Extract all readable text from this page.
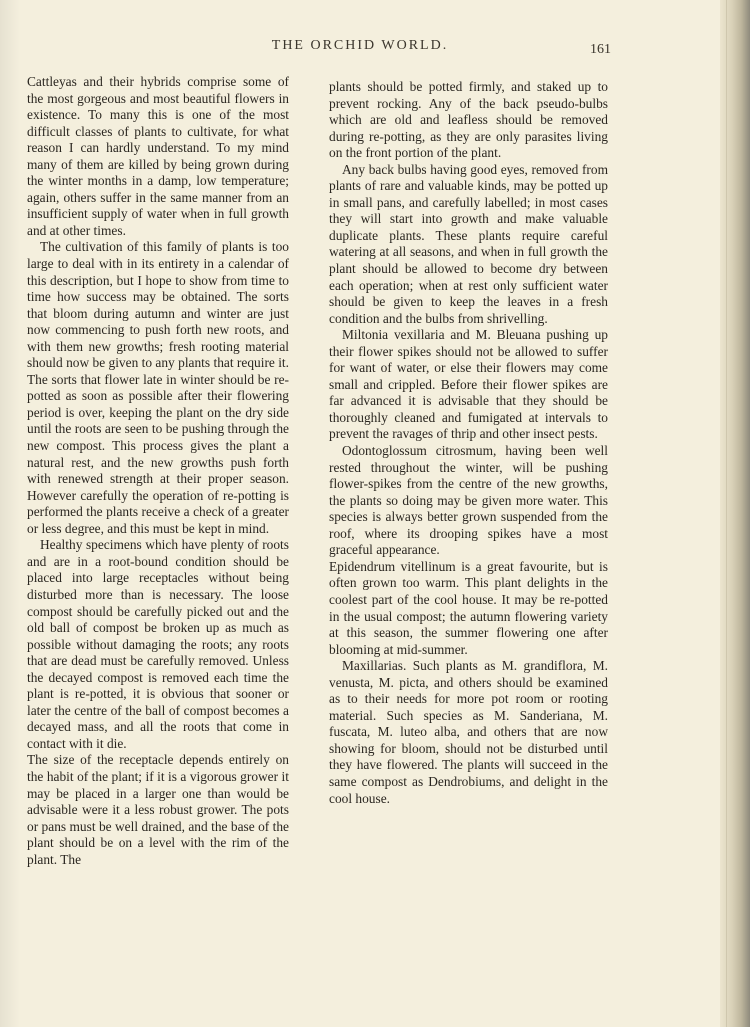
THE ORCHID WORLD.	161

Cattleyas and their hybrids comprise some of the most gorgeous and most beautiful flowers in existence. To many this is one of the most difficult classes of plants to cultivate, for what reason I can hardly understand. To my mind many of them are killed by being grown during the winter months in a damp, low temperature; again, others suffer in the same manner from an insufficient supply of water when in full growth and at other times.

The cultivation of this family of plants is too large to deal with in its entirety in a calendar of this description, but I hope to show from time to time how success may be obtained. The sorts that bloom during autumn and winter are just now commencing to push forth new roots, and with them new growths; fresh rooting material should now be given to any plants that require it. The sorts that flower late in winter should be re-potted as soon as possible after their flowering period is over, keeping the plant on the dry side until the roots are seen to be pushing through the new compost. This process gives the plant a natural rest, and the new growths push forth with renewed strength at their proper season. However carefully the operation of re-potting is performed the plants receive a check of a greater or less degree, and this must be kept in mind.

Healthy specimens which have plenty of roots and are in a root-bound condition should be placed into large receptacles without being disturbed more than is necessary. The loose compost should be carefully picked out and the old ball of compost be broken up as much as possible without damaging the roots; any roots that are dead must be carefully removed. Unless the decayed compost is removed each time the plant is re-potted, it is obvious that sooner or later the centre of the ball of compost becomes a decayed mass, and all the roots that come in contact with it die.

The size of the receptacle depends entirely on the habit of the plant; if it is a vigorous grower it may be placed in a larger one than would be advisable were it a less robust grower. The pots or pans must be well drained, and the base of the plant should be on a level with the rim of the plant. The

plants should be potted firmly, and staked up to prevent rocking. Any of the back pseudo-bulbs which are old and leafless should be removed during re-potting, as they are only parasites living on the front portion of the plant.

Any back bulbs having good eyes, removed from plants of rare and valuable kinds, may be potted up in small pans, and carefully labelled; in most cases they will start into growth and make valuable duplicate plants. These plants require careful watering at all seasons, and when in full growth the plant should be allowed to become dry between each operation; when at rest only sufficient water should be given to keep the leaves in a fresh condition and the bulbs from shrivelling.

Miltonia vexillaria and M. Bleuana pushing up their flower spikes should not be allowed to suffer for want of water, or else their flowers may come small and crippled. Before their flower spikes are far advanced it is advisable that they should be thoroughly cleaned and fumigated at intervals to prevent the ravages of thrip and other insect pests.

Odontoglossum citrosmum, having been well rested throughout the winter, will be pushing flower-spikes from the centre of the new growths, the plants so doing may be given more water. This species is always better grown suspended from the roof, where its drooping spikes have a most graceful appearance.

Epidendrum vitellinum is a great favourite, but is often grown too warm. This plant delights in the coolest part of the cool house. It may be re-potted in the usual compost; the autumn flowering variety at this season, the summer flowering one after blooming at mid-summer.

Maxillarias. Such plants as M. grandiflora, M. venusta, M. picta, and others should be examined as to their needs for more pot room or rooting material. Such species as M. Sanderiana, M. fuscata, M. luteo alba, and others that are now showing for bloom, should not be disturbed until they have flowered. The plants will succeed in the same compost as Dendrobiums, and delight in the cool house.
